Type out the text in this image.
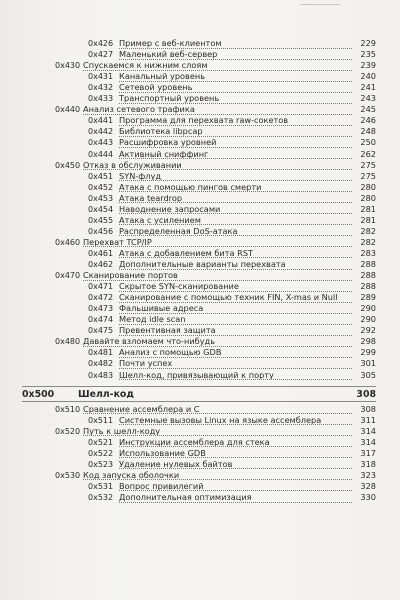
0x426 Пример с веб-клиентом	229
0x427 Маленький веб-сервер	235
0x430 Спускаемся к нижним слоям	239
0x431 Канальный уровень	240
0x432 Сетевой уровень	241
0x433 Транспортный уровень	243
0x440 Анализ сетевого трафика	245
0x441 Программа для перехвата raw-сокетов	246
0x442 Библиотека libpcap	248
0x443 Расшифровка уровней	250
0x444 Активный сниффинг	262
0x450 Отказ в обслуживании	275
0x451 SYN-флуд	275
0x452 Атака с помощью пингов смерти	280
0x453 Атака teardrop	280
0x454 Наводнение запросами	281
0x455 Атака с усилением	281
0x456 Распределенная DoS-атака	282
0x460 Перехват TCP/IP	282
0x461 Атака с добавлением бита RST	283
0x462 Дополнительные варианты перехвата	288
0x470 Сканирование портов	288
0x471 Скрытое SYN-сканирование	288
0x472 Сканирование с помощью техник FIN, X-mas и Null	289
0x473 Фальшивые адреса	290
0x474 Метод idle scan	290
0x475 Превентивная защита	292
0x480 Давайте взломаем что-нибудь	298
0x481 Анализ с помощью GDB	299
0x482 Почти успех	301
0x483 Шелл-код, привязывающий к порту	305
0x500	Шелл-код	308
0x510 Сравнение ассемблера и C	308
0x511 Системные вызовы Linux на языке ассемблера	311
0x520 Путь к шелл-коду	314
0x521 Инструкции ассемблера для стека	314
0x522 Использование GDB	317
0x523 Удаление нулевых байтов	318
0x530 Код запуска оболочки	323
0x531 Вопрос привилегий	328
0x532 Дополнительная оптимизация	330
